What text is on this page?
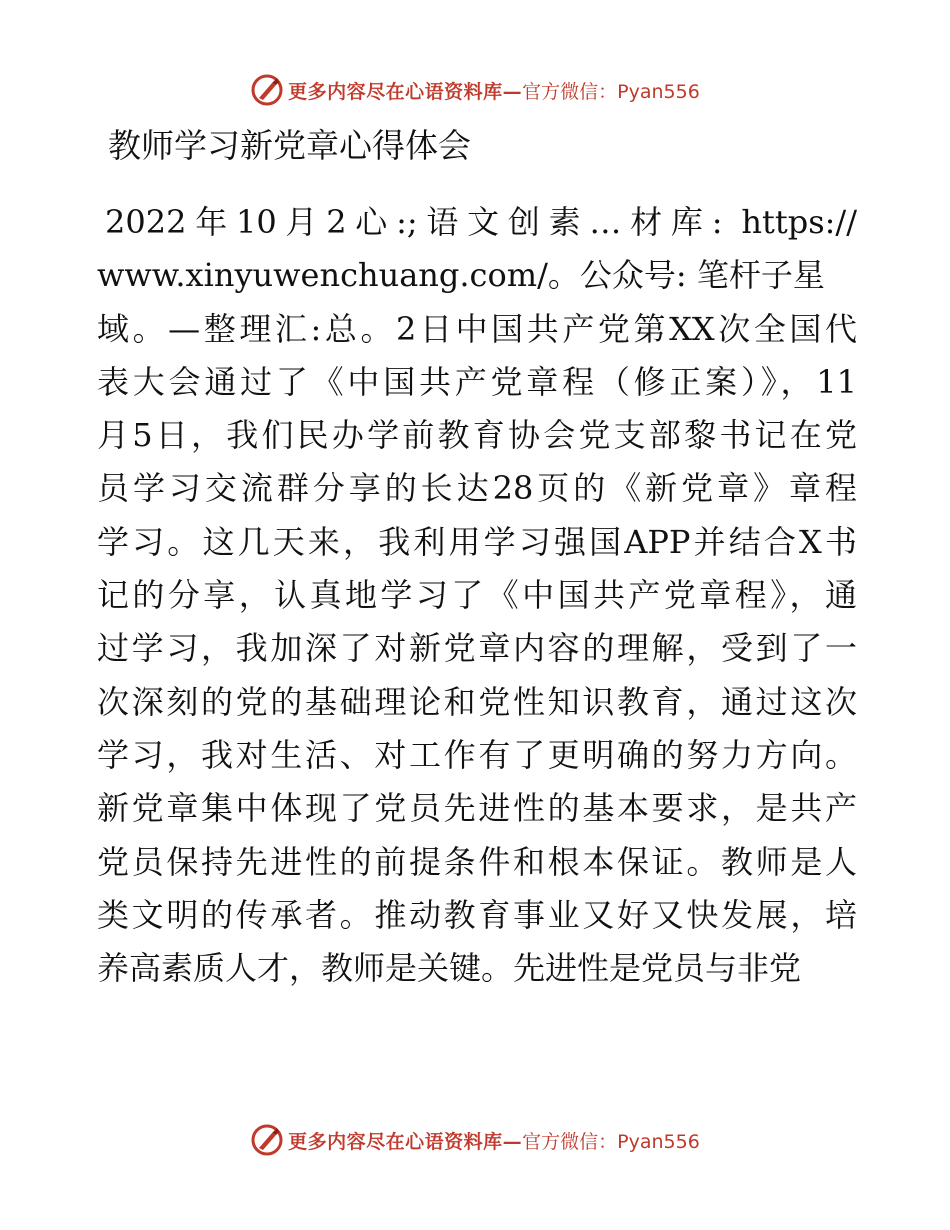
更多内容尽在心语资料库— 官方微信：Pyan556
教师学习新党章心得体会
2022年10月2心:;语文创素…材库: https://
www.xinyuwenchuang.com/。公众号: 笔杆子星
域。—整理汇:总。2日中国共产党第XX次全国代
表大会通过了《中国共产党章程（修正案）》，11
月5日，我们民办学前教育协会党支部黎书记在党
员学习交流群分享的长达28页的《新党章》章程
学习。这几天来，我利用学习强国APP并结合X书
记的分享，认真地学习了《中国共产党章程》，通
过学习，我加深了对新党章内容的理解，受到了一
次深刻的党的基础理论和党性知识教育，通过这次
学习，我对生活、对工作有了更明确的努力方向。
新党章集中体现了党员先进性的基本要求，是共产
党员保持先进性的前提条件和根本保证。教师是人
类文明的传承者。推动教育事业又好又快发展，培
养高素质人才，教师是关键。先进性是党员与非党
更多内容尽在心语资料库— 官方微信：Pyan556
